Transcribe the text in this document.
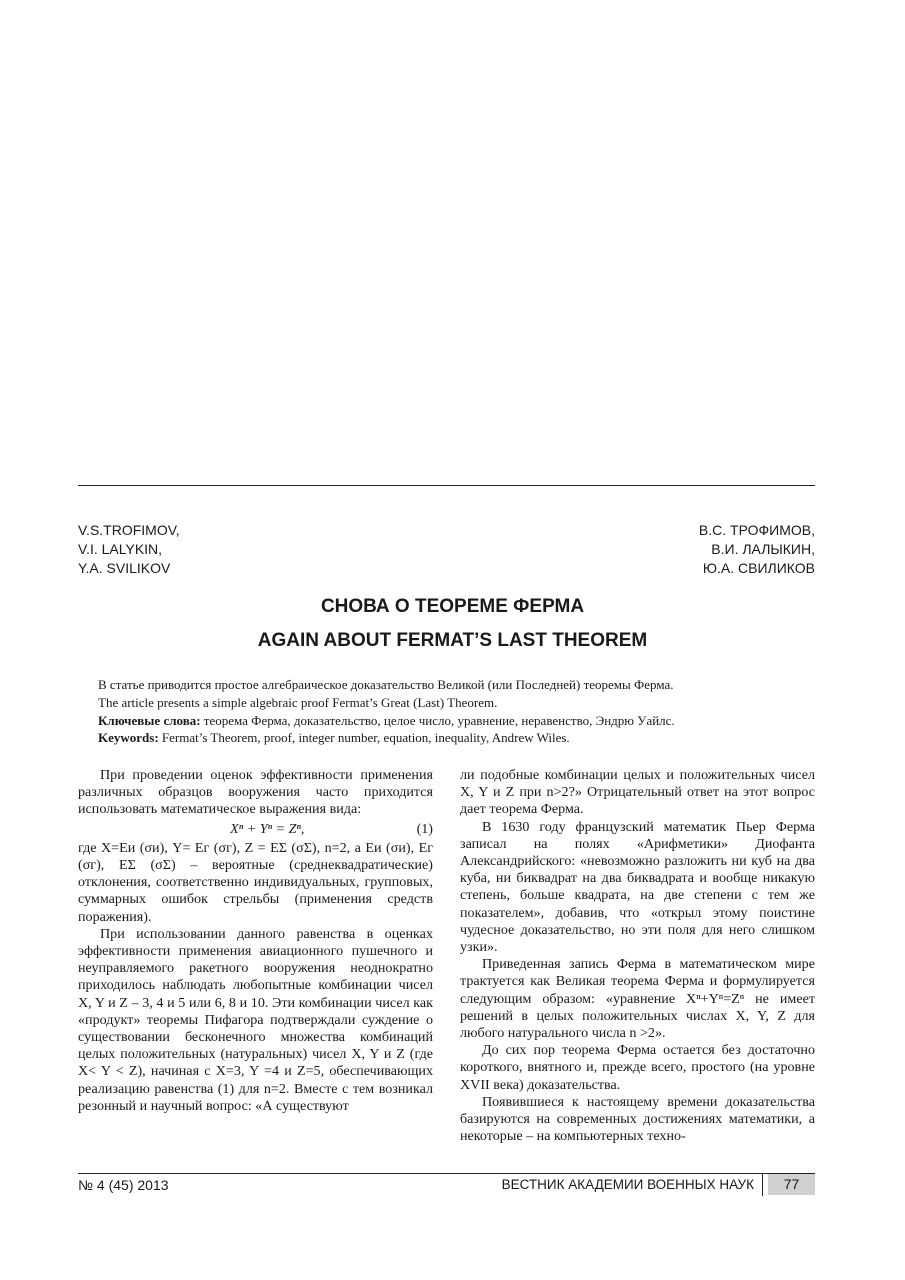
V.S.TROFIMOV,
V.I. LALYKIN,
Y.A. SVILIKOV
В.С. ТРОФИМОВ,
В.И. ЛАЛЫКИН,
Ю.А. СВИЛИКОВ
СНОВА О ТЕОРЕМЕ ФЕРМА
AGAIN ABOUT FERMAT’S LAST THEOREM
В статье приводится простое алгебраическое доказательство Великой (или Последней) теоремы Ферма.
The article presents a simple algebraic proof Fermat’s Great (Last) Theorem.
Ключевые слова: теорема Ферма, доказательство, целое число, уравнение, неравенство, Эндрю Уайлс.
Keywords: Fermat’s Theorem, proof, integer number, equation, inequality, Andrew Wiles.

При проведении оценок эффективности применения различных образцов вооружения часто приходится использовать математическое выражения вида:

Xⁿ + Yⁿ = Zⁿ,	(1)

где X=Eи (σи), Y= Eг (σг), Z = EΣ (σΣ), n=2, а Eи (σи), Eг (σг), EΣ (σΣ) – вероятные (среднеквадратические) отклонения, соответственно индивидуальных, групповых, суммарных ошибок стрельбы (применения средств поражения).

При использовании данного равенства в оценках эффективности применения авиационного пушечного и неуправляемого ракетного вооружения неоднократно приходилось наблюдать любопытные комбинации чисел X, Y и Z – 3, 4 и 5 или 6, 8 и 10. Эти комбинации чисел как «продукт» теоремы Пифагора подтверждали суждение о существовании бесконечного множества комбинаций целых положительных (натуральных) чисел X, Y и Z (где X< Y < Z), начиная с X=3, Y =4 и Z=5, обеспечивающих реализацию равенства (1) для n=2. Вместе с тем возникал резонный и научный вопрос: «А существуют

ли подобные комбинации целых и положительных чисел X, Y и Z при n>2?» Отрицательный ответ на этот вопрос дает теорема Ферма.

В 1630 году французский математик Пьер Ферма записал на полях «Арифметики» Диофанта Александрийского: «невозможно разложить ни куб на два куба, ни биквадрат на два биквадрата и вообще никакую степень, больше квадрата, на две степени с тем же показателем», добавив, что «открыл этому поистине чудесное доказательство, но эти поля для него слишком узки».

Приведенная запись Ферма в математическом мире трактуется как Великая теорема Ферма и формулируется следующим образом: «уравнение Xⁿ+Yⁿ=Zⁿ не имеет решений в целых положительных числах X, Y, Z для любого натурального числа n >2».

До сих пор теорема Ферма остается без достаточно короткого, внятного и, прежде всего, простого (на уровне XVII века) доказательства.

Появившиеся к настоящему времени доказательства базируются на современных достижениях математики, а некоторые – на компьютерных техно-

№ 4 (45) 2013	ВЕСТНИК АКАДЕМИИ ВОЕННЫХ НАУК	77
